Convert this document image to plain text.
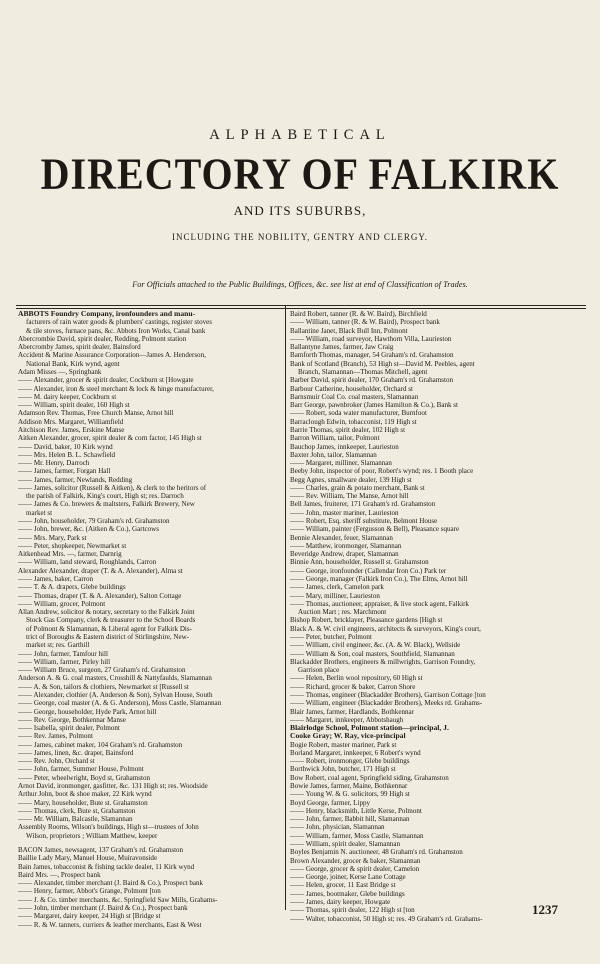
ALPHABETICAL
DIRECTORY OF FALKIRK
AND ITS SUBURBS,
INCLUDING THE NOBILITY, GENTRY AND CLERGY.
For Officials attached to the Public Buildings, Offices, &c. see list at end of Classification of Trades.
ABBOTS Foundry Company, ironfounders and manu-
facturers of rain water goods & plumbers' castings, register stoves
& tile stoves, furnace pans, &c. Abbots Iron Works, Canal bank
Abercrombie David, spirit dealer, Redding, Polmont station
Abercromby James, spirit dealer, Bainsford
Accident & Marine Assurance Corporation—James A. Henderson,
National Bank, Kirk wynd, agent
Adam Misses —, Springbank
—— Alexander, grocer & spirit dealer, Cockburn st [Howgate
—— Alexander, iron & steel merchant & lock & hinge manufacturer,
—— M. dairy keeper, Cockburn st
—— William, spirit dealer, 160 High st
Adamson Rev. Thomas, Free Church Manse, Arnot hill
Addison Mrs. Margaret, Williamfield
Aitchison Rev. James, Erskine Manse
Aitken Alexander, grocer, spirit dealer & corn factor, 145 High st
—— David, baker, 10 Kirk wynd
—— Mrs. Helen B. L. Schawfield
—— Mr. Henry, Darroch
—— James, farmer, Forgan Hall
—— James, farmer, Newlands, Redding
—— James, solicitor (Russell & Aitken), & clerk to the heritors of
the parish of Falkirk, King's court, High st; res. Darroch
—— James & Co. brewers & maltsters, Falkirk Brewery, New
market st
—— John, householder, 79 Graham's rd. Grahamston
—— John, brewer, &c. (Aitken & Co.), Gartcows
—— Mrs. Mary, Park st
—— Peter, shopkeeper, Newmarket st
Aitkenhead Mrs. —, farmer, Darnrig
—— William, land steward, Roughlands, Carron
Alexander Alexander, draper (T. & A. Alexander), Alma st
—— James, baker, Carron
—— T. & A. drapers, Glebe buildings
—— Thomas, draper (T. & A. Alexander), Salton Cottage
—— William, grocer, Polmont
Allan Andrew, solicitor & notary, secretary to the Falkirk Joint
Stock Gas Company, clerk & treasurer to the School Boards
of Polmont & Slamannan, & Liberal agent for Falkirk Dis-
trict of Boroughs & Eastern district of Stirlingshire, New-
market st; res. Garthill
—— John, farmer, Tamfour hill
—— William, farmer, Pirley hill
—— William Bruce, surgeon, 27 Graham's rd. Grahamston
Anderson A. & G. coal masters, Crosshill & Nattyfaulds, Slamannan
—— A. & Son, tailors & clothiers, Newmarket st [Russell st
—— Alexander, clothier (A. Anderson & Son), Sylvan House, South
—— George, coal master (A. & G. Anderson), Moss Castle, Slamannan
—— George, householder, Hyde Park, Arnot hill
—— Rev. George, Bothkennar Manse
—— Isabella, spirit dealer, Polmont
—— Rev. James, Polmont
—— James, cabinet maker, 104 Graham's rd. Grahamston
—— James, linen, &c. draper, Bainsford
—— Rev. John, Orchard st
—— John, farmer, Summer House, Polmont
—— Peter, wheelwright, Boyd st, Grahamston
Arnot David, ironmonger, gasfitter, &c. 131 High st; res. Woodside
Arthur John, boot & shoe maker, 22 Kirk wynd
—— Mary, householder, Bute st. Grahamston
—— Thomas, clerk, Bute st, Grahamston
—— Mr. William, Balcastle, Slamannan
Assembly Rooms, Wilson's buildings, High st—trustees of John
Wilson, proprietors ; William Matthew, keeper
BACON James, newsagent, 137 Graham's rd. Grahamston
Baillie Lady Mary, Manuel House, Muiravonside
Bain James, tobacconist & fishing tackle dealer, 11 Kirk wynd
Baird Mrs. —, Prospect bank
—— Alexander, timber merchant (J. Baird & Co.), Prospect bank
—— Henry, farmer, Abbot's Grange, Polmont [ton
—— J. & Co. timber merchants, &c. Springfield Saw Mills, Grahams-
—— John, timber merchant (J. Baird & Co.), Prospect bank
—— Margaret, dairy keeper, 24 High st [Bridge st
—— R. & W. tanners, curriers & leather merchants, East & West
Baird Robert, tanner (R. & W. Baird), Birchfield
—— William, tanner (R. & W. Baird), Prospect bank
Ballantine Janet, Black Bull Inn, Polmont
—— William, road surveyor, Hawthorn Villa, Laurieston
Ballantyne James, farmer, Jaw Craig
Bamforth Thomas, manager, 54 Graham's rd. Grahamston
Bank of Scotland (Branch), 53 High st—David M. Peebles, agent
Branch, Slamannan—Thomas Mitchell, agent
Barber David, spirit dealer, 170 Graham's rd. Grahamston
Barbour Catherine, householder, Orchard st
Barnsmuir Coal Co. coal masters, Slamannan
Barr George, pawnbroker (James Hamilton & Co.), Bank st
—— Robert, soda water manufacturer, Burnfoot
Barraclough Edwin, tobacconist, 119 High st
Barrie Thomas, spirit dealer, 102 High st
Barron William, tailor, Polmont
Bauchop James, innkeeper, Laurieston
Baxter John, tailor, Slamannan
—— Margaret, milliner, Slamannan
Beeby John, inspector of poor, Robert's wynd; res. 1 Booth place
Begg Agnes, smallware dealer, 139 High st
—— Charles, grain & potato merchant, Bank st
—— Rev. William, The Manse, Arnot hill
Bell James, fruiterer, 171 Graham's rd. Grahamston
—— John, master mariner, Laurieston
—— Robert, Esq. sheriff substitute, Belmont House
—— William, painter (Fergusson & Bell), Pleasance square
Bennie Alexander, feuer, Slamannan
—— Matthew, ironmonger, Slamannan
Beveridge Andrew, draper, Slamannan
Binnie Ann, householder, Russell st. Grahamston
—— George, ironfounder (Callendar Iron Co.) Park ter
—— George, manager (Falkirk Iron Co.), The Elms, Arnot hill
—— James, clerk, Camelon park
—— Mary, milliner, Laurieston
—— Thomas, auctioneer, appraiser, & live stock agent, Falkirk
Auction Mart ; res. Marchmont
Bishop Robert, bricklayer, Pleasance gardens [High st
Black A. & W. civil engineers, architects & surveyors, King's court,
—— Peter, butcher, Polmont
—— William, civil engineer, &c. (A. & W. Black), Wellside
—— William & Son, coal masters, Southfield, Slamannan
Blackadder Brothers, engineers & millwrights, Garrison Foundry,
Garrison place
—— Helen, Berlin wool repository, 60 High st
—— Richard, grocer & baker, Carron Shore
—— Thomas, engineer (Blackadder Brothers), Garrison Cottage [ton
—— William, engineer (Blackadder Brothers), Meeks rd. Grahams-
Blair James, farmer, Hardlands, Bothkennar
—— Margaret, innkeeper, Abbotshaugh
Blairlodge School, Polmont station—principal, J.
Cooke Gray; W. Ray, vice-principal
Bogie Robert, master mariner, Park st
Borland Margaret, innkeeper, 6 Robert's wynd
—— Robert, ironmonger, Glebe buildings
Borthwick John, butcher, 171 High st
Bow Robert, coal agent, Springfield siding, Grahamston
Bowie James, farmer, Maine, Bothkennar
—— Young W. & G. solicitors, 99 High st
Boyd George, farmer, Lippy
—— Henry, blacksmith, Little Kerse, Polmont
—— John, farmer, Babbit hill, Slamannan
—— John, physician, Slamannan
—— William, farmer, Moss Castle, Slamannan
—— William, spirit dealer, Slamannan
Boyles Benjamin N. auctioneer, 48 Graham's rd. Grahamston
Brown Alexander, grocer & baker, Slamannan
—— George, grocer & spirit dealer, Camelon
—— George, joiner, Kerse Lane Cottage
—— Helen, grocer, 11 East Bridge st
—— James, bootmaker, Glebe buildings
—— James, dairy keeper, Howgate
—— Thomas, spirit dealer, 122 High st [ton
—— Walter, tobacconist, 50 High st; res. 49 Graham's rd. Grahams-
1237
